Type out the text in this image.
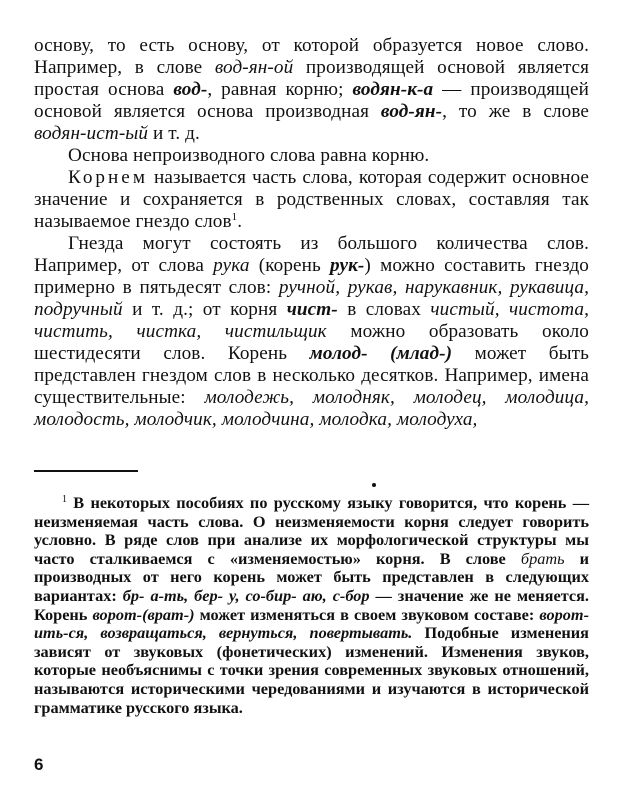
основу, то есть основу, от которой образуется новое слово. Например, в слове вод-ян-ой производящей основой является простая основа вод-, равная корню; водян-к-а — производящей основой является основа производная вод-ян-, то же в слове водян-ист-ый и т. д.

Основа непроизводного слова равна корню.

Корнем называется часть слова, которая содержит основное значение и сохраняется в родственных словах, составляя так называемое гнездо слов$^1$.

Гнезда могут состоять из большого количества слов. Например, от слова рука (корень рук-) можно составить гнездо примерно в пятьдесят слов: ручной, рукав, нарукавник, рукавица, подручный и т. д.; от корня чист- в словах чистый, чистота, чистить, чистка, чистильщик можно образовать около шестидесяти слов. Корень молод- (млад-) может быть представлен гнездом слов в несколько десятков. Например, имена существительные: молодежь, молодняк, молодец, молодица, молодость, молодчик, молодчина, молодка, молодуха,

$^1$ В некоторых пособиях по русскому языку говорится, что корень — неизменяемая часть слова. О неизменяемости корня следует говорить условно. В ряде слов при анализе их морфологической структуры мы часто сталкиваемся с «изменяемостью» корня. В слове брать и производных от него корень может быть представлен в следующих вариантах: бр- а-ть, бер- у, со-бир- аю, с-бор — значение же не меняется. Корень ворот-(врат-) может изменяться в своем звуковом составе: ворот-ить-ся, возвращаться, вернуться, повертывать. Подобные изменения зависят от звуковых (фонетических) изменений. Изменения звуков, которые необъяснимы с точки зрения современных звуковых отношений, называются историческими чередованиями и изучаются в исторической грамматике русского языка.

6
